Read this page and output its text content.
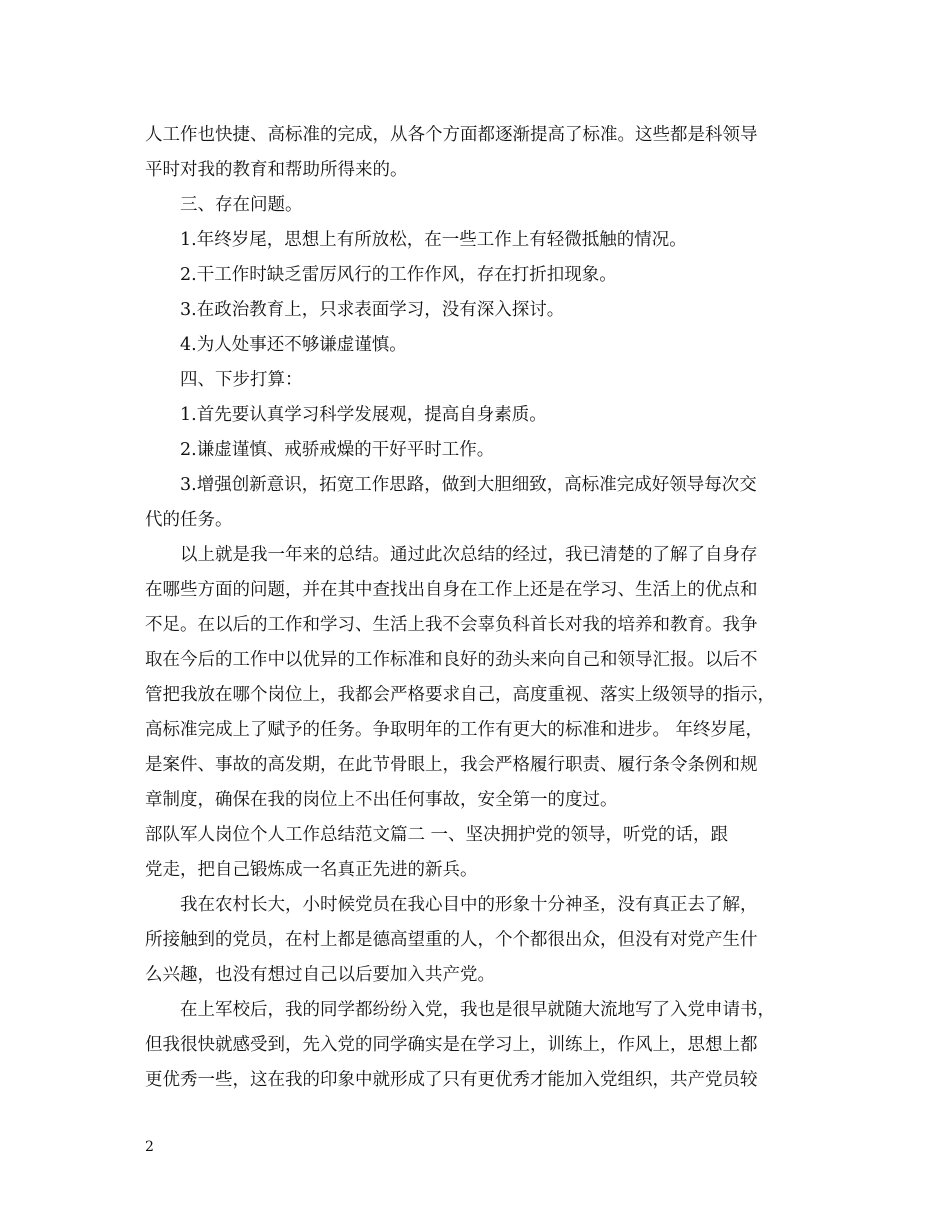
人工作也快捷、高标准的完成，从各个方面都逐渐提高了标准。这些都是科领导
平时对我的教育和帮助所得来的。
三、存在问题。
1.年终岁尾，思想上有所放松，在一些工作上有轻微抵触的情况。
2.干工作时缺乏雷厉风行的工作作风，存在打折扣现象。
3.在政治教育上，只求表面学习，没有深入探讨。
4.为人处事还不够谦虚谨慎。
四、下步打算：
1.首先要认真学习科学发展观，提高自身素质。
2.谦虚谨慎、戒骄戒燥的干好平时工作。
3.增强创新意识，拓宽工作思路，做到大胆细致，高标准完成好领导每次交
代的任务。
以上就是我一年来的总结。通过此次总结的经过，我已清楚的了解了自身存
在哪些方面的问题，并在其中查找出自身在工作上还是在学习、生活上的优点和
不足。在以后的工作和学习、生活上我不会辜负科首长对我的培养和教育。我争
取在今后的工作中以优异的工作标准和良好的劲头来向自己和领导汇报。以后不
管把我放在哪个岗位上，我都会严格要求自己，高度重视、落实上级领导的指示，
高标准完成上了赋予的任务。争取明年的工作有更大的标准和进步。 年终岁尾，
是案件、事故的高发期，在此节骨眼上，我会严格履行职责、履行条令条例和规
章制度，确保在我的岗位上不出任何事故，安全第一的度过。
部队军人岗位个人工作总结范文篇二 一、坚决拥护党的领导，听党的话，跟
党走，把自己锻炼成一名真正先进的新兵。
我在农村长大，小时候党员在我心目中的形象十分神圣，没有真正去了解，
所接触到的党员，在村上都是德高望重的人，个个都很出众，但没有对党产生什
么兴趣，也没有想过自己以后要加入共产党。
在上军校后，我的同学都纷纷入党，我也是很早就随大流地写了入党申请书，
但我很快就感受到，先入党的同学确实是在学习上，训练上，作风上，思想上都
更优秀一些，这在我的印象中就形成了只有更优秀才能加入党组织，共产党员较
2
